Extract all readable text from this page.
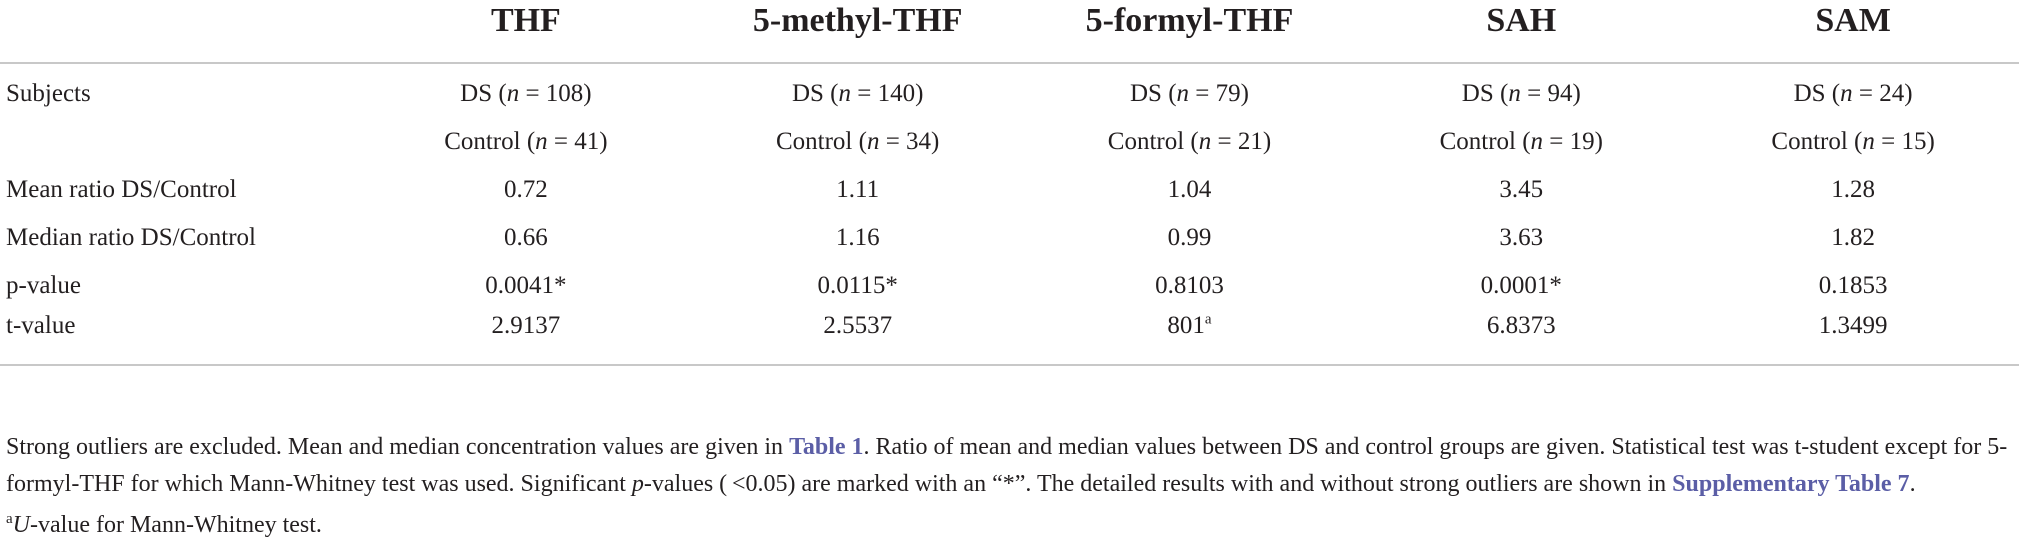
	THF	5-methyl-THF	5-formyl-THF	SAH	SAM
Subjects	DS (n = 108)	DS (n = 140)	DS (n = 79)	DS (n = 94)	DS (n = 24)
	Control (n = 41)	Control (n = 34)	Control (n = 21)	Control (n = 19)	Control (n = 15)
Mean ratio DS/Control	0.72	1.11	1.04	3.45	1.28
Median ratio DS/Control	0.66	1.16	0.99	3.63	1.82
p-value	0.0041*	0.0115*	0.8103	0.0001*	0.1853
t-value	2.9137	2.5537	801$^a$	6.8373	1.3499
Strong outliers are excluded. Mean and median concentration values are given in Table 1. Ratio of mean and median values between DS and control groups are given. Statistical test was t-student except for 5-formyl-THF for which Mann-Whitney test was used. Significant p-values ( <0.05) are marked with an “*”. The detailed results with and without strong outliers are shown in Supplementary Table 7.
$^a$U-value for Mann-Whitney test.
